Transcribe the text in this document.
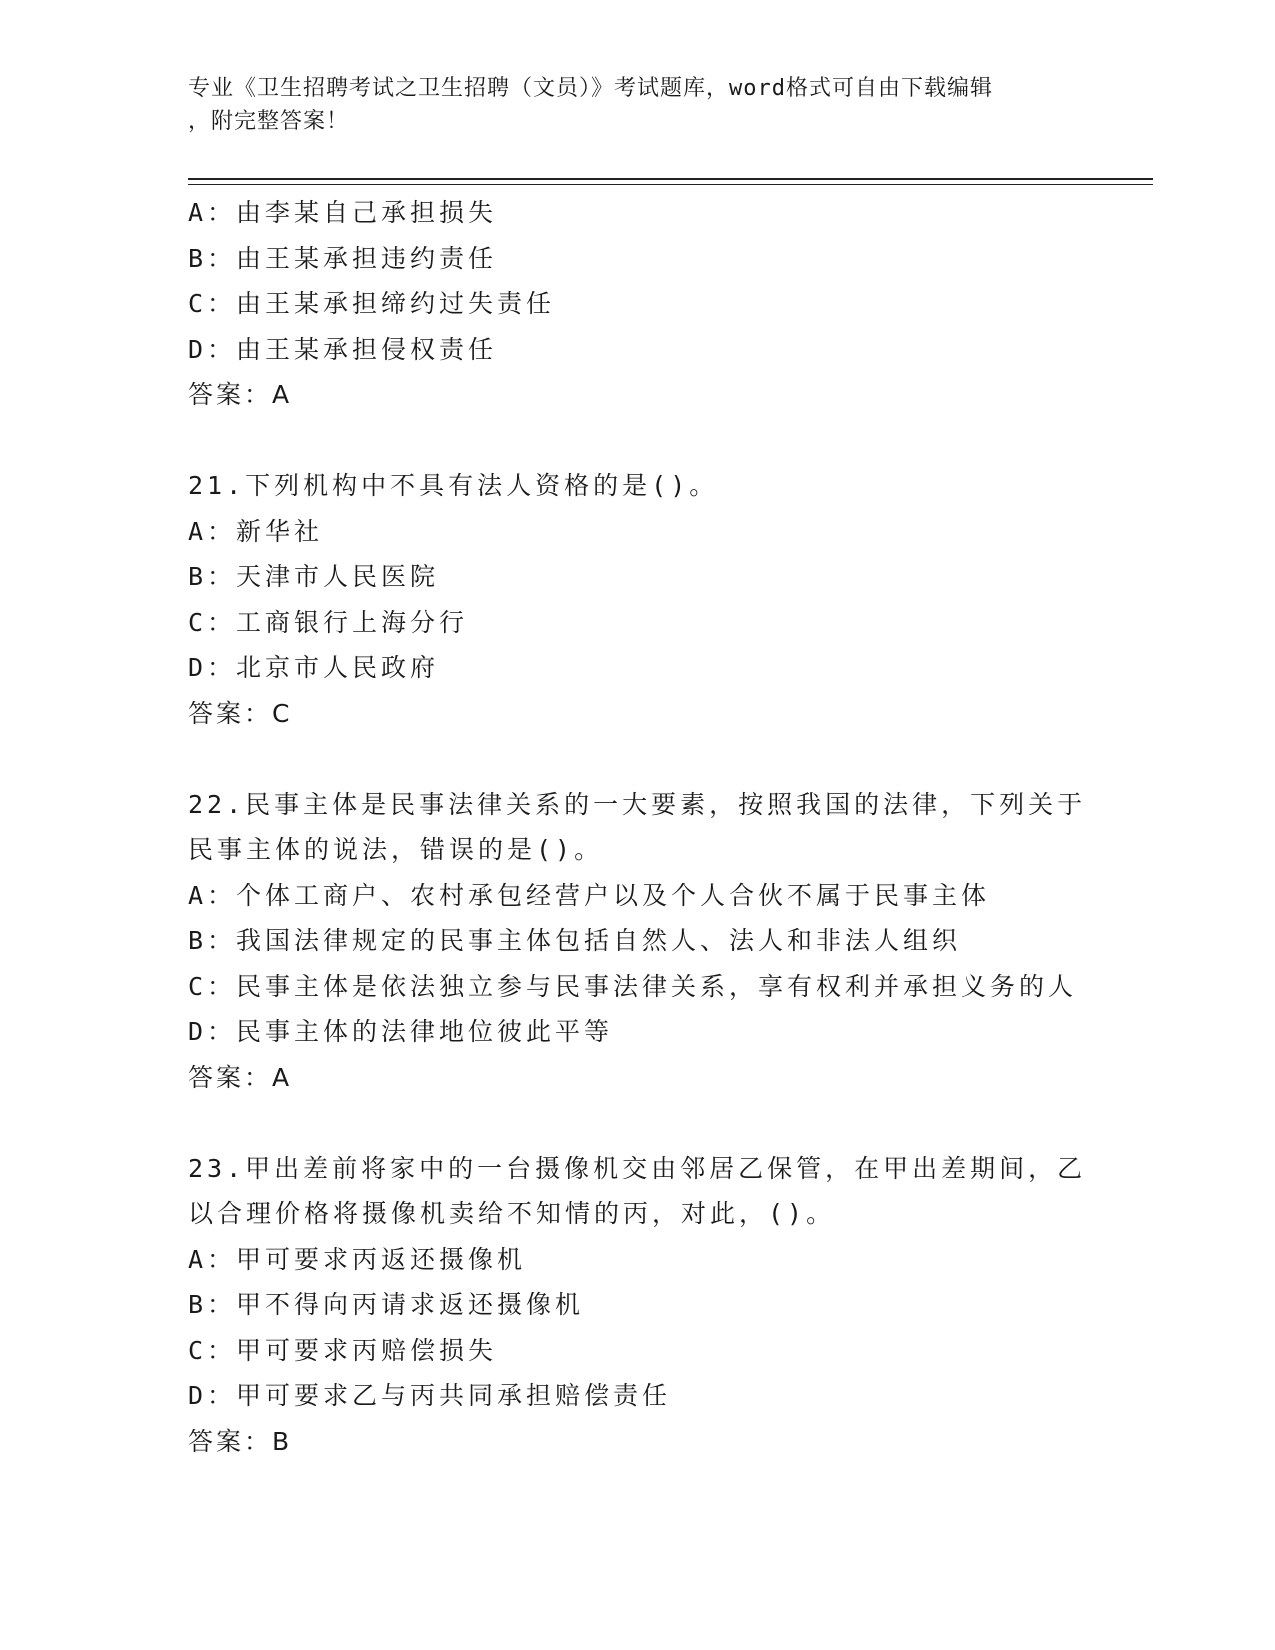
专业《卫生招聘考试之卫生招聘（文员）》考试题库，word格式可自由下载编辑
，附完整答案！
A：由李某自己承担损失
B：由王某承担违约责任
C：由王某承担缔约过失责任
D：由王某承担侵权责任
答案：A
21.下列机构中不具有法人资格的是()。
A：新华社
B：天津市人民医院
C：工商银行上海分行
D：北京市人民政府
答案：C
22.民事主体是民事法律关系的一大要素，按照我国的法律，下列关于
民事主体的说法，错误的是()。
A：个体工商户、农村承包经营户以及个人合伙不属于民事主体
B：我国法律规定的民事主体包括自然人、法人和非法人组织
C：民事主体是依法独立参与民事法律关系，享有权利并承担义务的人
D：民事主体的法律地位彼此平等
答案：A
23.甲出差前将家中的一台摄像机交由邻居乙保管，在甲出差期间，乙
以合理价格将摄像机卖给不知情的丙，对此，()。
A：甲可要求丙返还摄像机
B：甲不得向丙请求返还摄像机
C：甲可要求丙赔偿损失
D：甲可要求乙与丙共同承担赔偿责任
答案：B
